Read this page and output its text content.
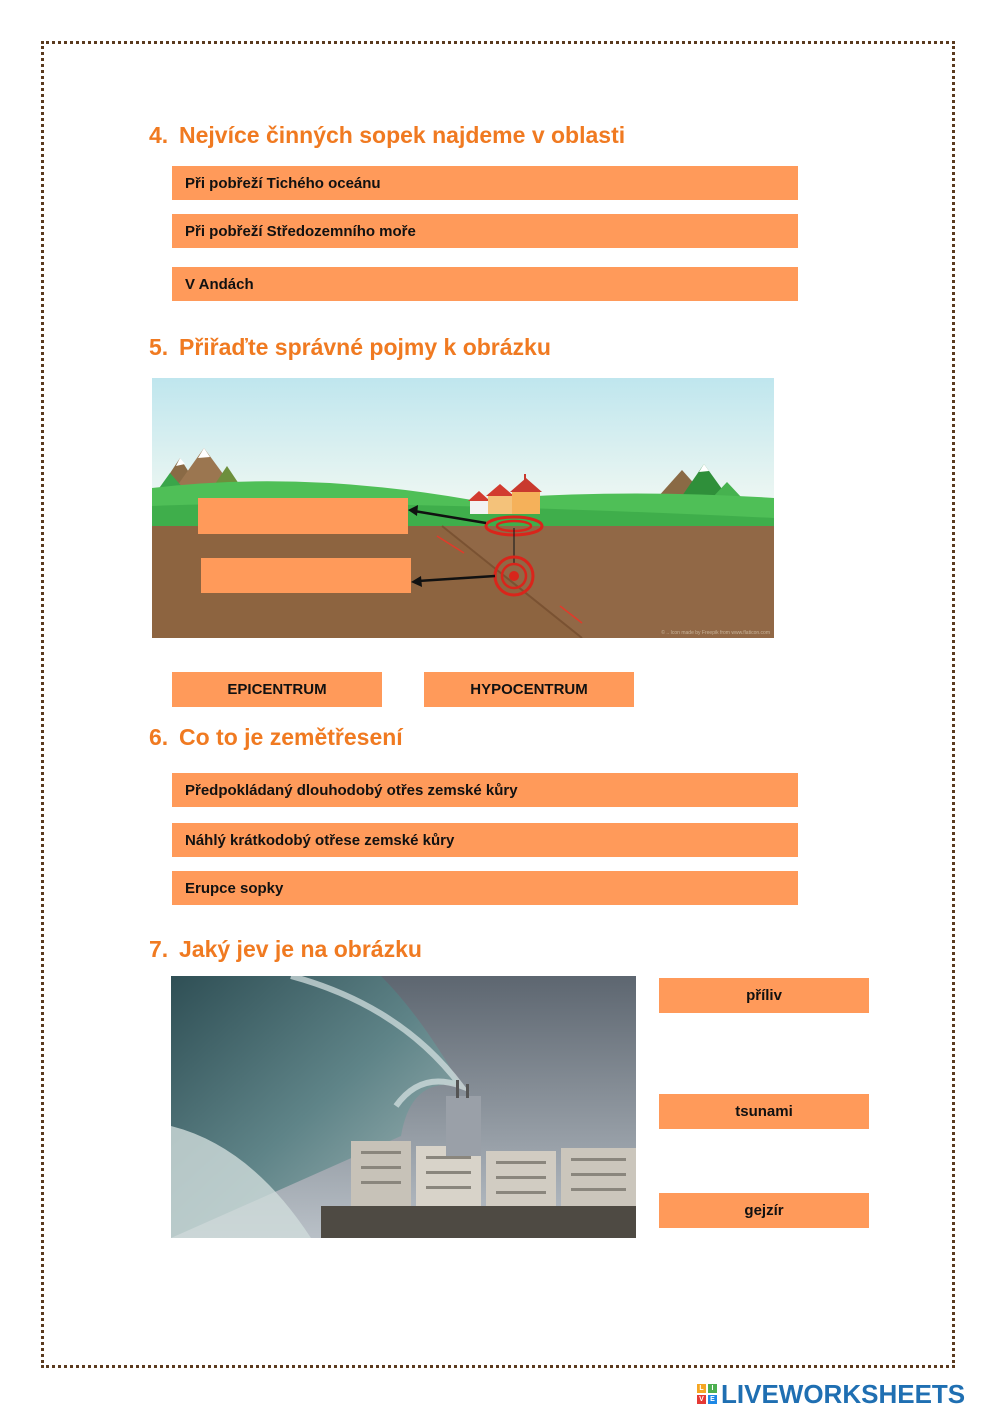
4. Nejvíce činných sopek najdeme v oblasti
Při pobřeží Tichého oceánu
Při pobřeží Středozemního moře
V Andách
5. Přiřaďte správné pojmy k obrázku
© .. Icon made by Freepik from www.flaticon.com
EPICENTRUM	HYPOCENTRUM
6. Co to je zemětřesení
Předpokládaný dlouhodobý otřes zemské kůry
Náhlý krátkodobý otřese zemské kůry
Erupce sopky
7. Jaký jev je na obrázku
příliv
tsunami
gejzír
L	I
V E LIVEWORKSHEETS
